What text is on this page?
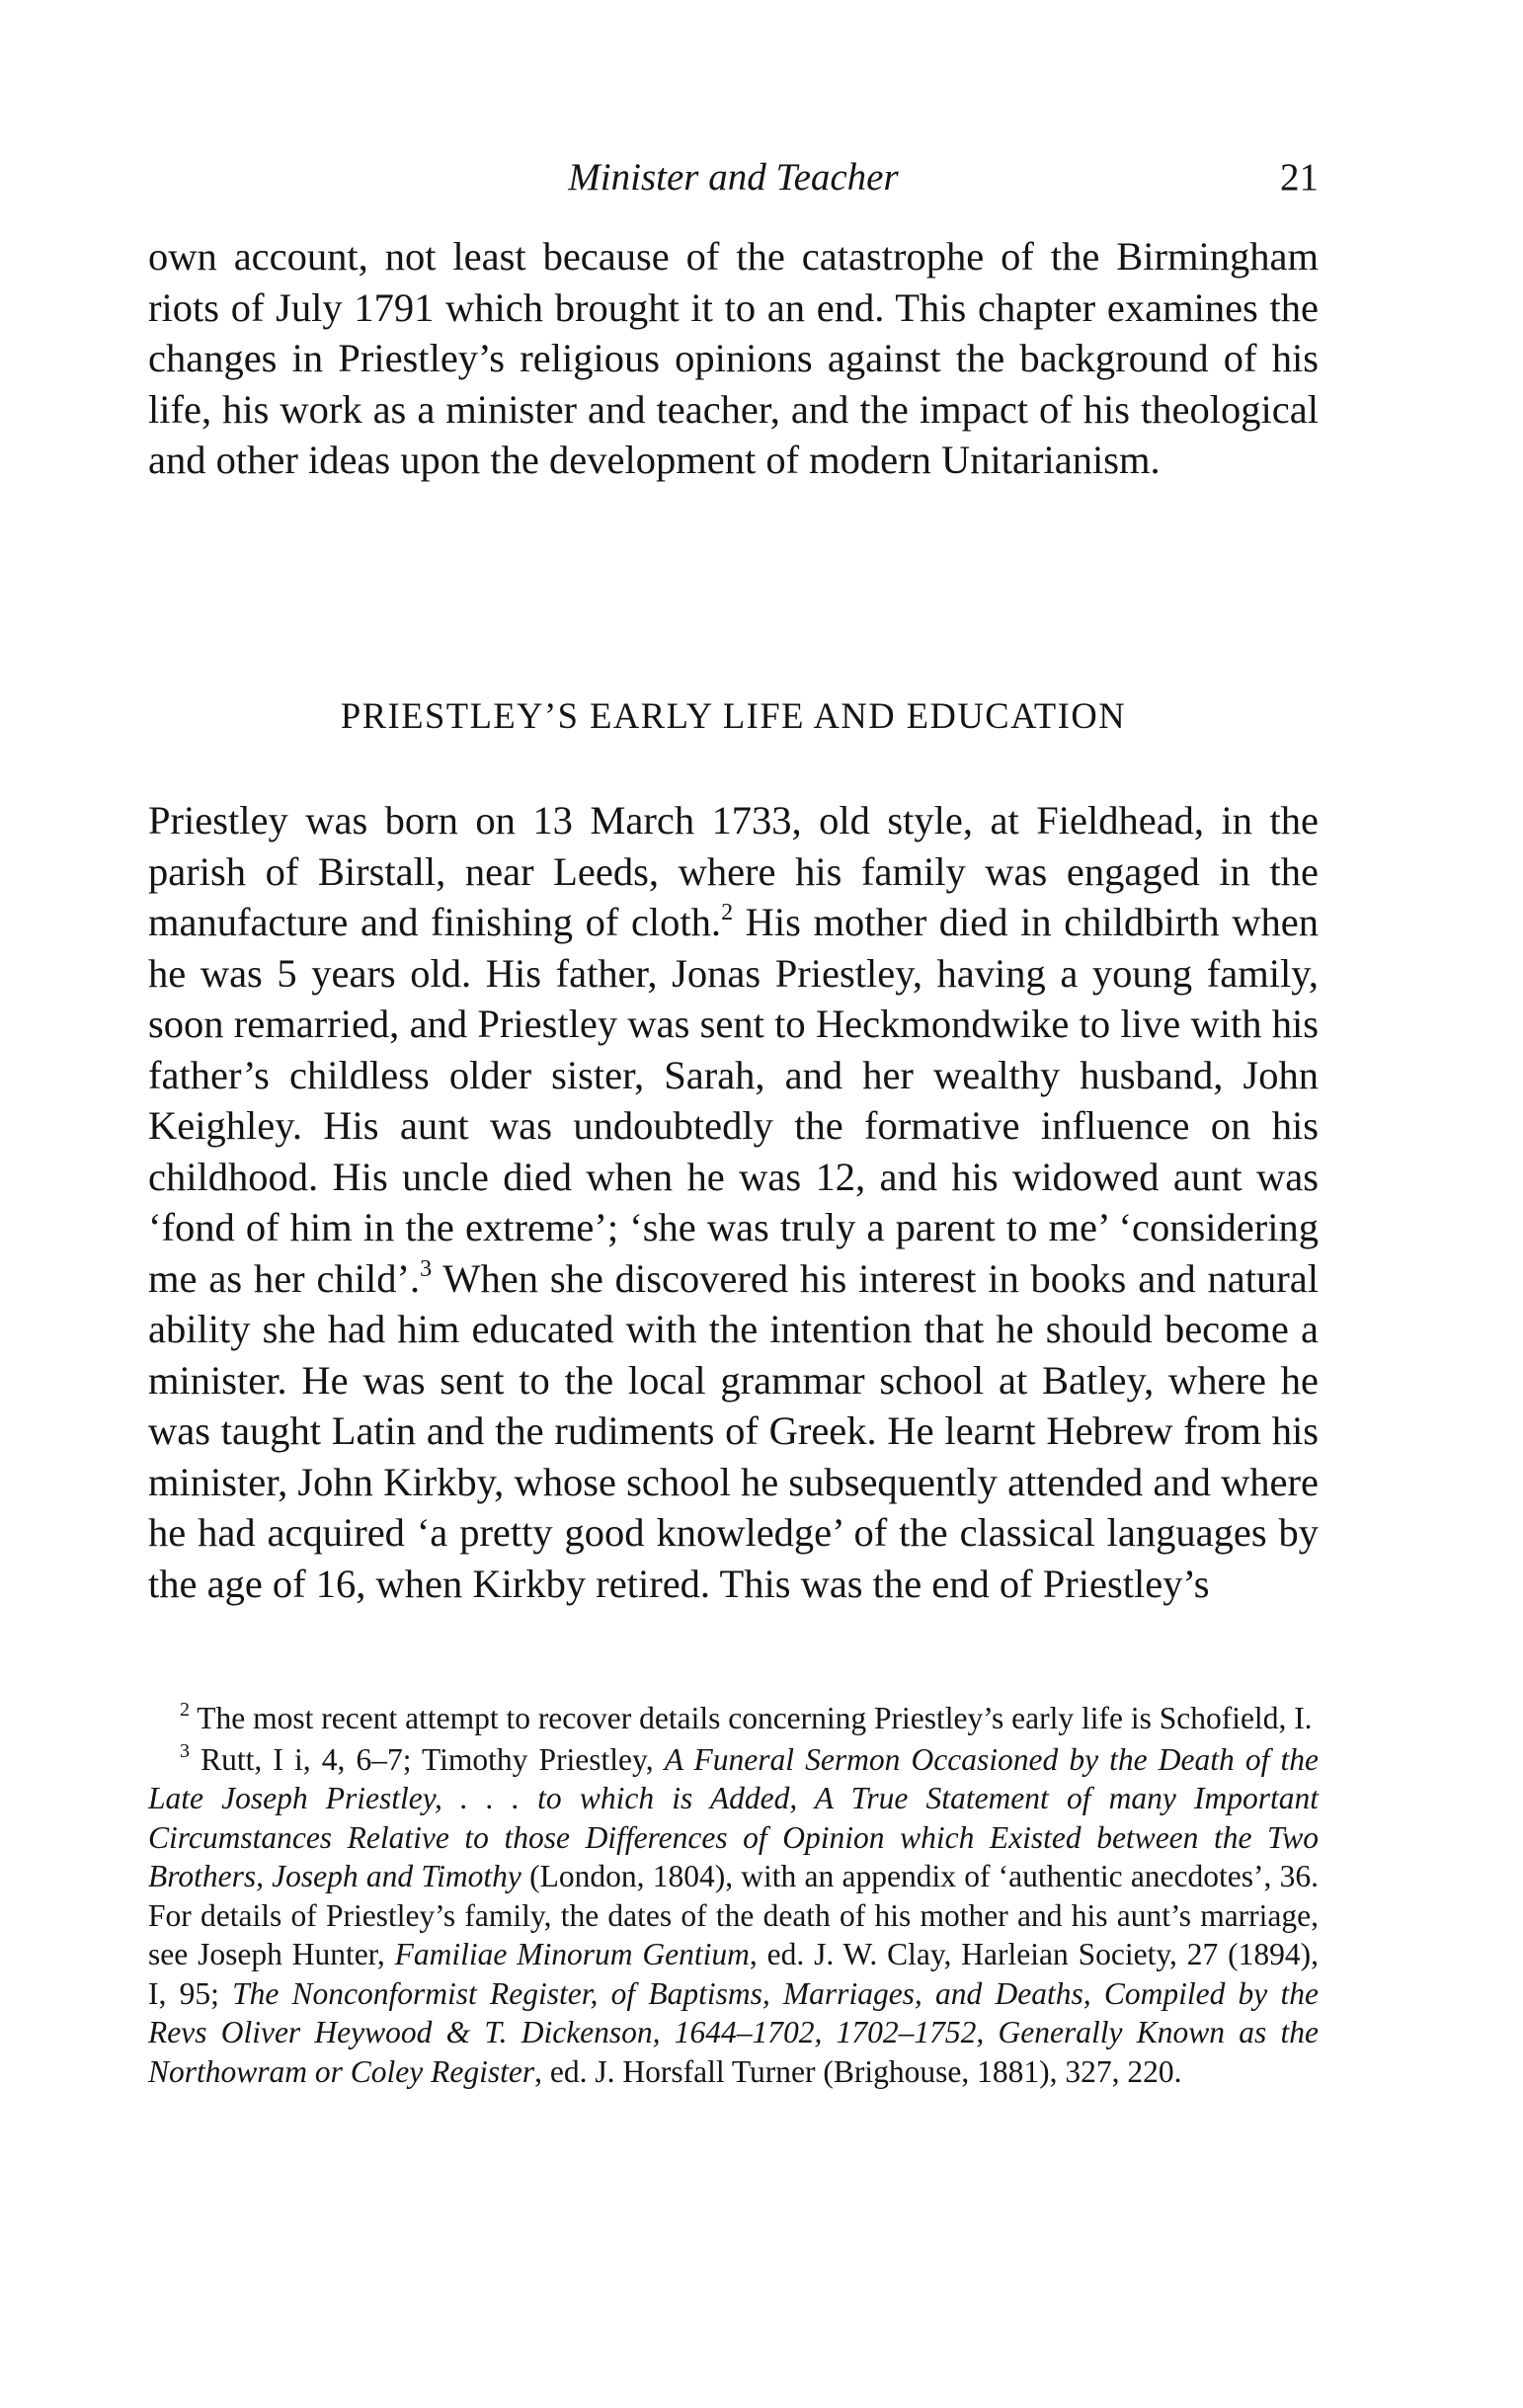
Minister and Teacher	21

own account, not least because of the catastrophe of the Birmingham riots of July 1791 which brought it to an end. This chapter examines the changes in Priestley’s religious opinions against the background of his life, his work as a minister and teacher, and the impact of his theological and other ideas upon the development of modern Unitarianism.

PRIESTLEY’S EARLY LIFE AND EDUCATION

Priestley was born on 13 March 1733, old style, at Fieldhead, in the parish of Birstall, near Leeds, where his family was engaged in the manufacture and finishing of cloth.$^2$ His mother died in childbirth when he was 5 years old. His father, Jonas Priestley, having a young family, soon remarried, and Priestley was sent to Heckmondwike to live with his father’s childless older sister, Sarah, and her wealthy husband, John Keighley. His aunt was undoubtedly the formative influence on his childhood. His uncle died when he was 12, and his widowed aunt was ‘fond of him in the extreme’; ‘she was truly a parent to me’ ‘considering me as her child’.$^3$ When she discovered his interest in books and natural ability she had him educated with the intention that he should become a minister. He was sent to the local grammar school at Batley, where he was taught Latin and the rudiments of Greek. He learnt Hebrew from his minister, John Kirkby, whose school he subsequently attended and where he had acquired ‘a pretty good knowledge’ of the classical languages by the age of 16, when Kirkby retired. This was the end of Priestley’s

$^2$ The most recent attempt to recover details concerning Priestley’s early life is Schofield, I.

$^3$ Rutt, I i, 4, 6–7; Timothy Priestley, A Funeral Sermon Occasioned by the Death of the Late Joseph Priestley, . . . to which is Added, A True Statement of many Important Circumstances Relative to those Differences of Opinion which Existed between the Two Brothers, Joseph and Timothy (London, 1804), with an appendix of ‘authentic anecdotes’, 36. For details of Priestley’s family, the dates of the death of his mother and his aunt’s marriage, see Joseph Hunter, Familiae Minorum Gentium, ed. J. W. Clay, Harleian Society, 27 (1894), I, 95; The Nonconformist Register, of Baptisms, Marriages, and Deaths, Compiled by the Revs Oliver Heywood & T. Dickenson, 1644–1702, 1702–1752, Generally Known as the Northowram or Coley Register, ed. J. Horsfall Turner (Brighouse, 1881), 327, 220.
